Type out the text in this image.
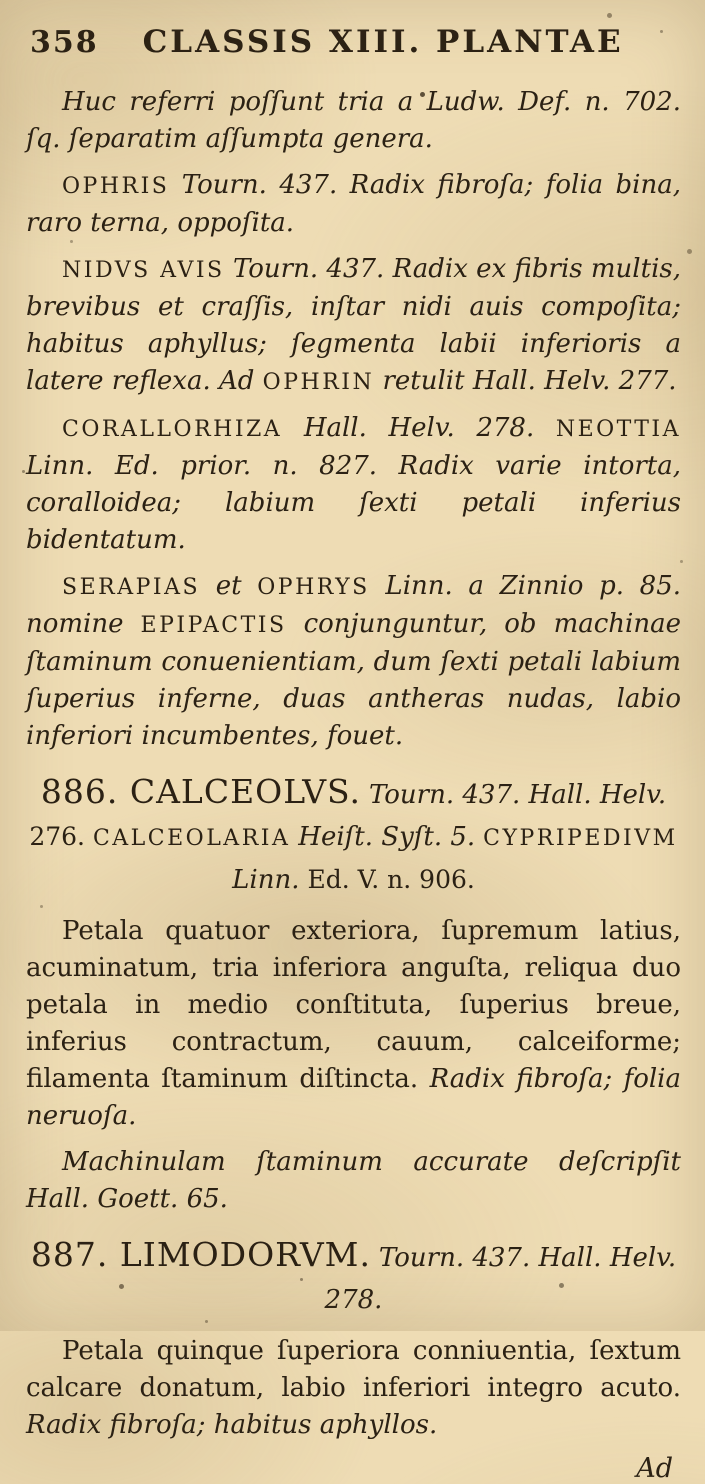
358 CLASSIS XIII. PLANTAE

Huc referri poſſunt tria a Ludw. Def. n. 702. ſq. ſeparatim aſſumpta genera.

OPHRIS Tourn. 437. Radix fibroſa; folia bina, raro terna, oppoſita.

NIDVS AVIS Tourn. 437. Radix ex fibris multis, brevibus et craſſis, inſtar nidi auis compoſita; habitus aphyllus; ſegmenta labii inferioris a latere reflexa. Ad OPHRIN retulit Hall. Helv. 277.

CORALLORHIZA Hall. Helv. 278. NEOTTIA Linn. Ed. prior. n. 827. Radix varie intorta, coralloidea; labium ſexti petali inferius bidentatum.

SERAPIAS et OPHRYS Linn. a Zinnio p. 85. nomine EPIPACTIS conjunguntur, ob machinae ſtaminum conuenientiam, dum ſexti petali labium ſuperius inferne, duas antheras nudas, labio inferiori incumbentes, fouet.

886. CALCEOLVS. Tourn. 437. Hall. Helv. 276. CALCEOLARIA Heiſt. Syſt. 5. CYPRIPEDIVM Linn. Ed. V. n. 906.

Petala quatuor exteriora, ſupremum latius, acuminatum, tria inferiora anguſta, reliqua duo petala in medio conſtituta, ſuperius breue, inferius contractum, cauum, calceiforme; filamenta ſtaminum diſtincta. Radix fibroſa; folia neruoſa.

Machinulam ſtaminum accurate deſcripſit Hall. Goett. 65.

887. LIMODORVM. Tourn. 437. Hall. Helv. 278.

Petala quinque ſuperiora conniuentia, ſextum calcare donatum, labio inferiori integro acuto. Radix fibroſa; habitus aphyllos.

Ad
